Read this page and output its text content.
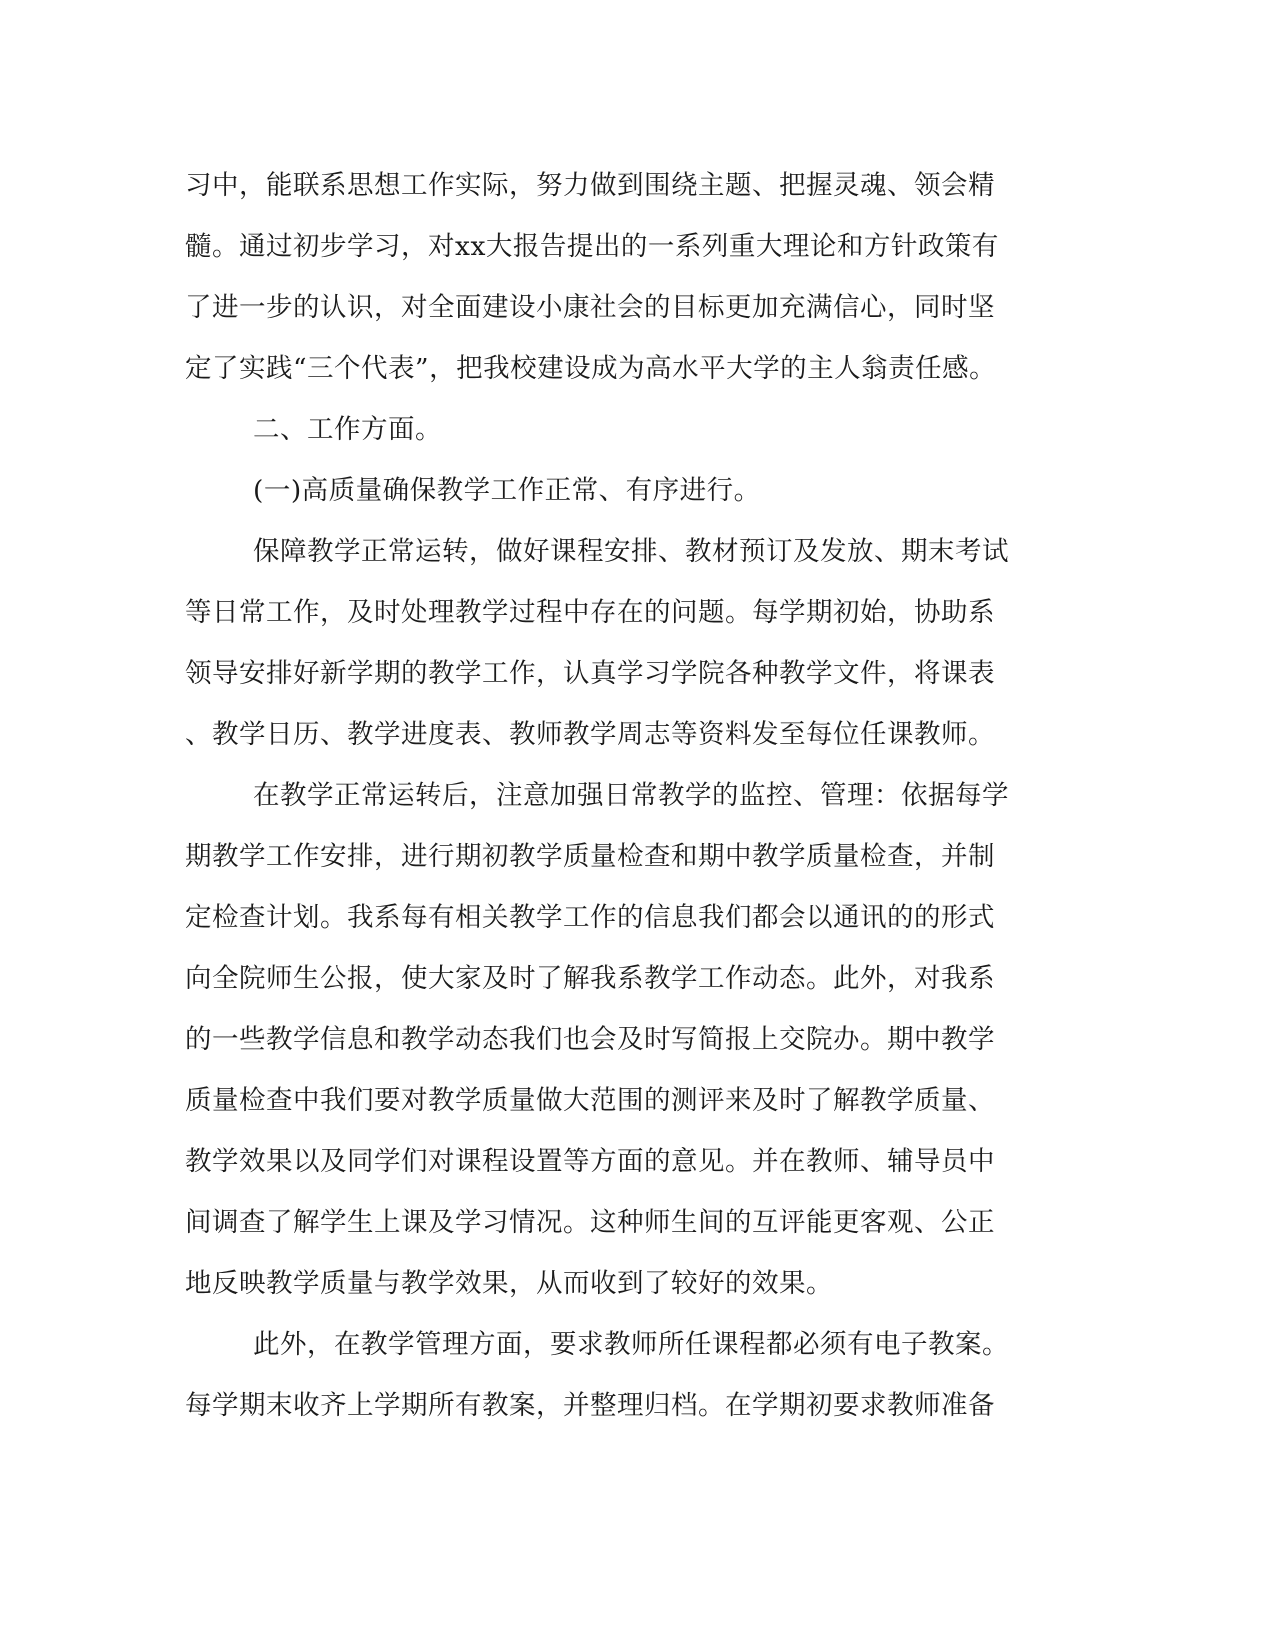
习中，能联系思想工作实际，努力做到围绕主题、把握灵魂、领会精
髓。通过初步学习，对xx大报告提出的一系列重大理论和方针政策有
了进一步的认识，对全面建设小康社会的目标更加充满信心，同时坚
定了实践“三个代表”，把我校建设成为高水平大学的主人翁责任感。
二、工作方面。
(一)高质量确保教学工作正常、有序进行。
保障教学正常运转，做好课程安排、教材预订及发放、期末考试
等日常工作，及时处理教学过程中存在的问题。每学期初始，协助系
领导安排好新学期的教学工作，认真学习学院各种教学文件，将课表
、教学日历、教学进度表、教师教学周志等资料发至每位任课教师。
在教学正常运转后，注意加强日常教学的监控、管理：依据每学
期教学工作安排，进行期初教学质量检查和期中教学质量检查，并制
定检查计划。我系每有相关教学工作的信息我们都会以通讯的的形式
向全院师生公报，使大家及时了解我系教学工作动态。此外，对我系
的一些教学信息和教学动态我们也会及时写简报上交院办。期中教学
质量检查中我们要对教学质量做大范围的测评来及时了解教学质量、
教学效果以及同学们对课程设置等方面的意见。并在教师、辅导员中
间调查了解学生上课及学习情况。这种师生间的互评能更客观、公正
地反映教学质量与教学效果，从而收到了较好的效果。
此外，在教学管理方面，要求教师所任课程都必须有电子教案。
每学期末收齐上学期所有教案，并整理归档。在学期初要求教师准备
